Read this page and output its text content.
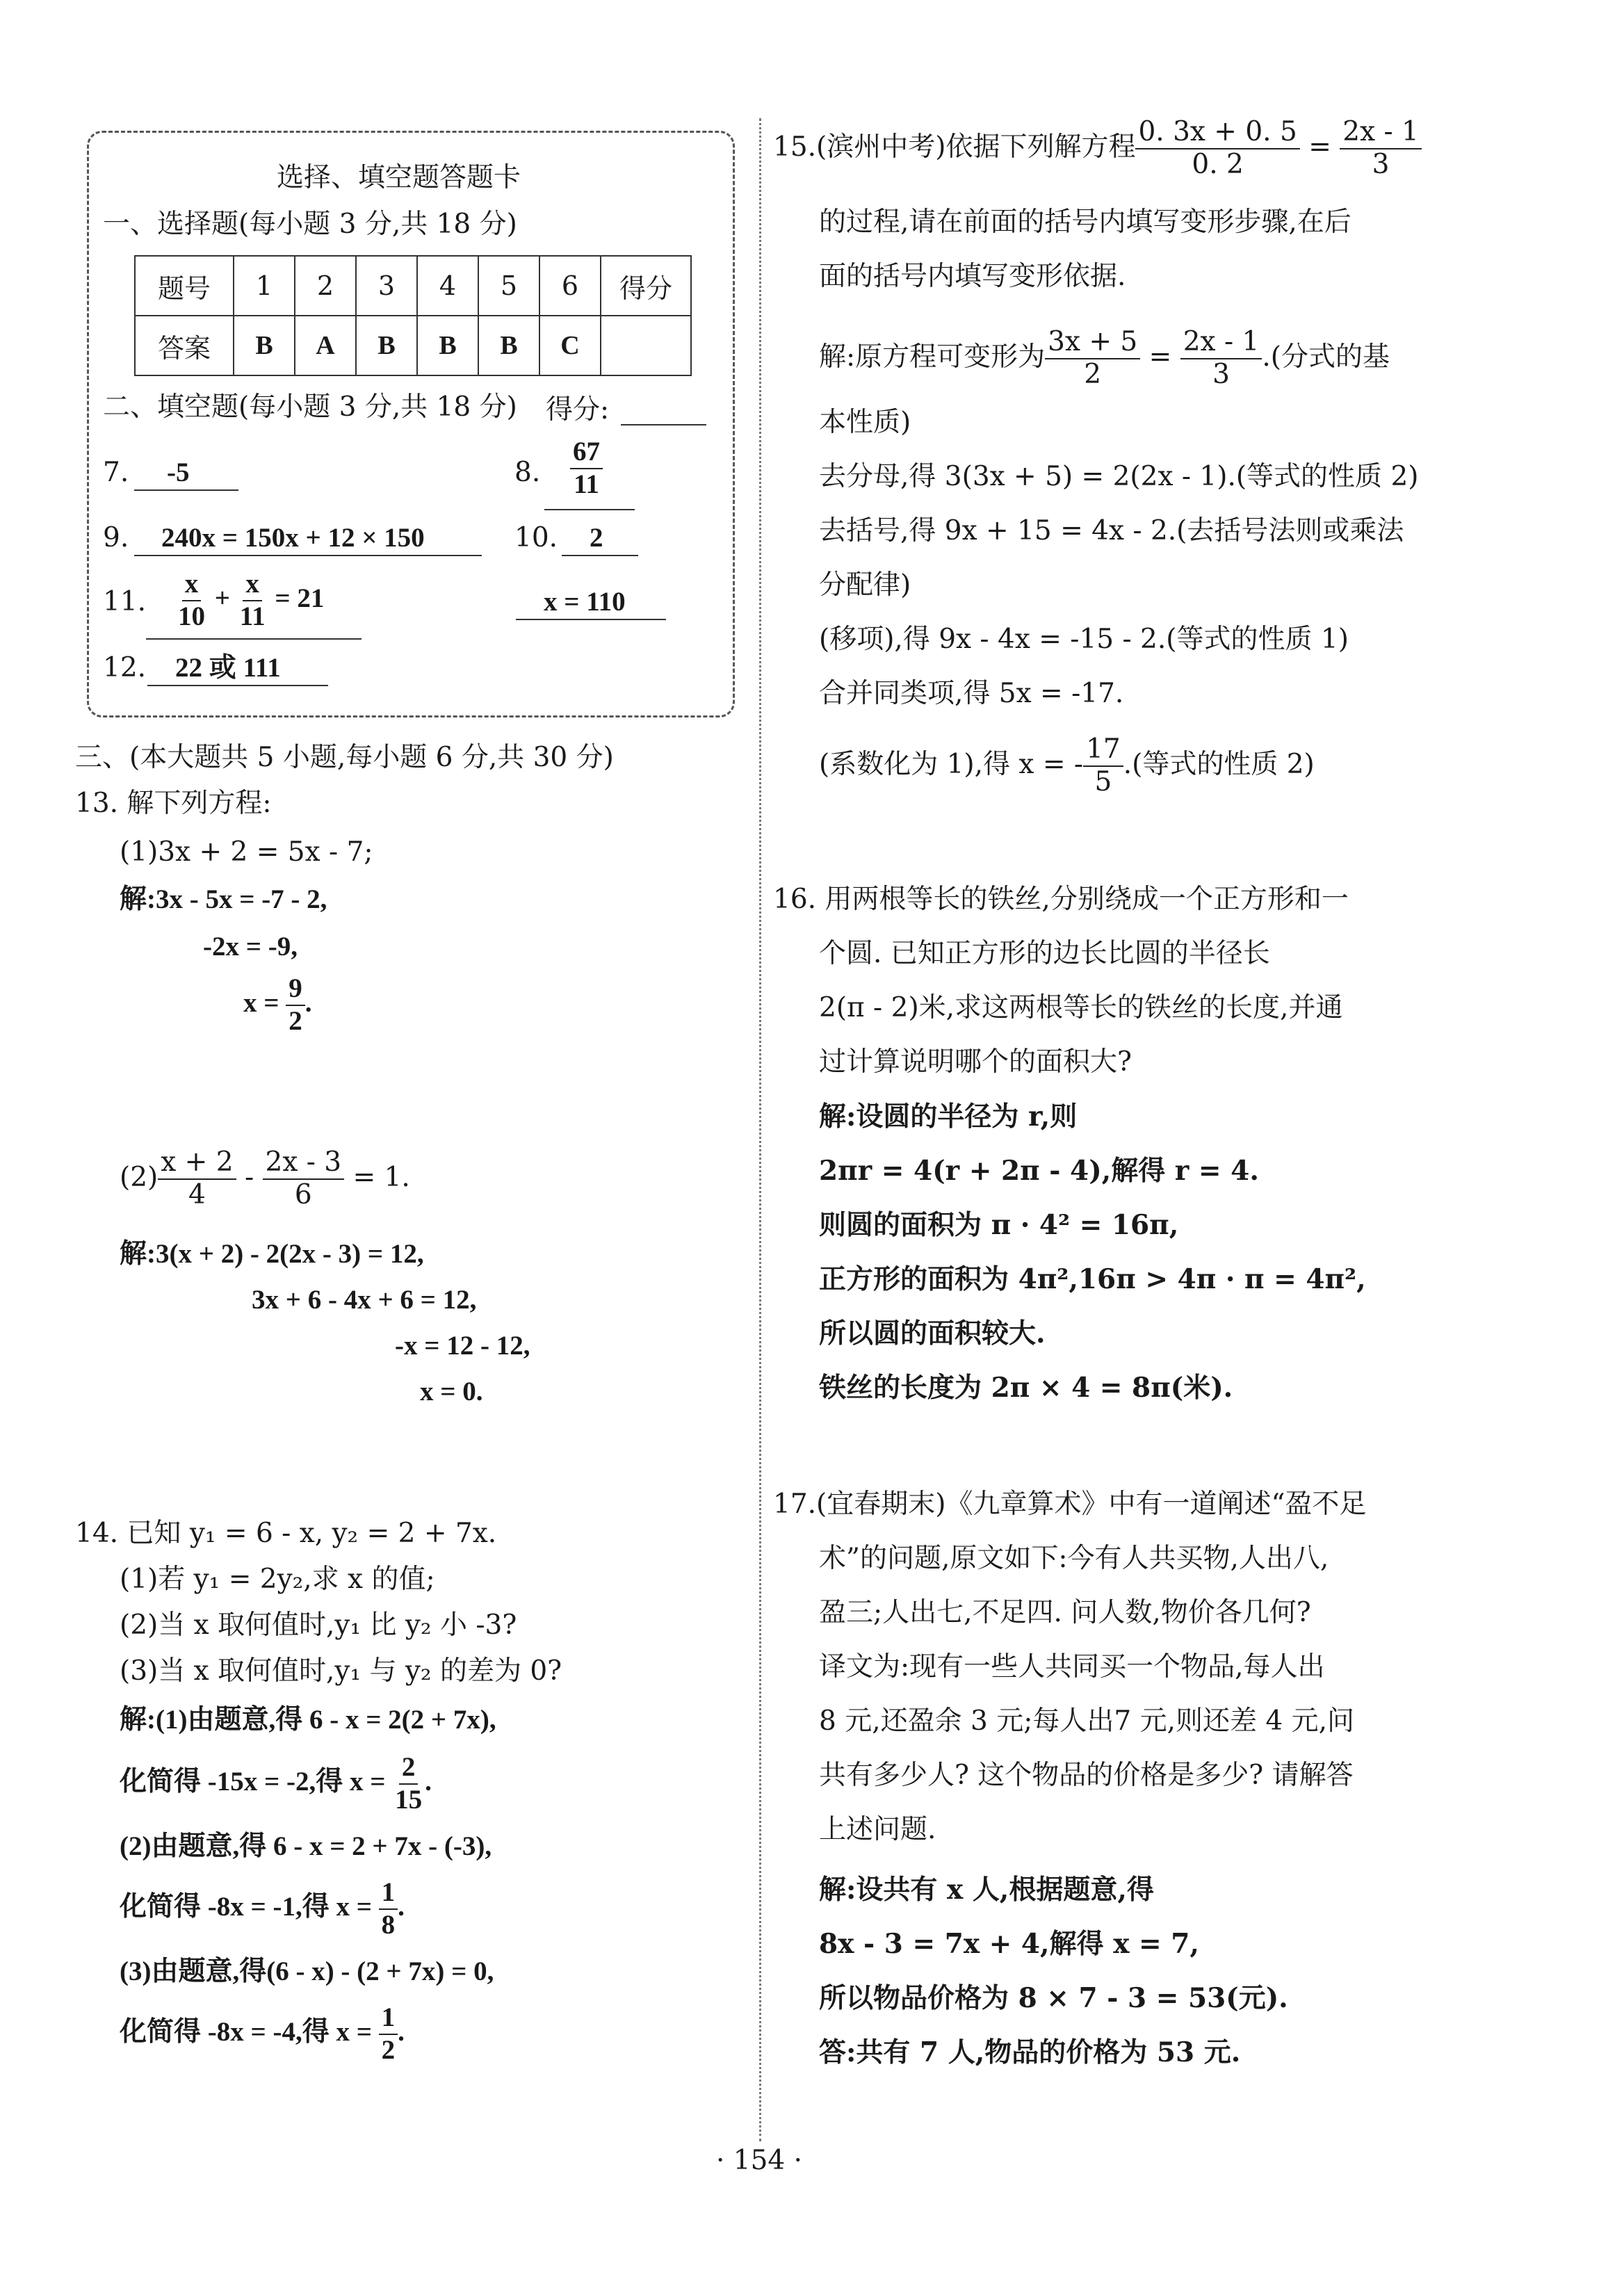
选择、填空题答题卡
一、选择题(每小题 3 分,共 18 分)
题号	1	2	3	4	5	6	得分
答案	B	A	B	B	B	C	
二、填空题(每小题 3 分,共 18 分) 得分:
7. -5	8. $\frac{67}{11}$
9. 240x = 150x + 12 × 150	10. 2
11. $\frac{x}{10} + \frac{x}{11} = 21$	x = 110
12. 22 或 111
三、(本大题共 5 小题,每小题 6 分,共 30 分)
13. 解下列方程:
(1)3x + 2 = 5x - 7;
解:3x - 5x = -7 - 2,
-2x = -9,
$x = \frac{9}{2}$ .
$(2) \frac{x + 2}{4} - \frac{2x - 3}{6} = 1$.
解:3(x + 2) - 2(2x - 3) = 12,
3x + 6 - 4x + 6 = 12,
-x = 12 - 12,
x = 0.
14. 已知 y₁ = 6 - x, y₂ = 2 + 7x.
(1)若 y₁ = 2y₂,求 x 的值;
(2)当 x 取何值时,y₁ 比 y₂ 小 -3?
(3)当 x 取何值时,y₁ 与 y₂ 的差为 0?
解:(1)由题意,得 6 - x = 2(2 + 7x),
化简得 -15x = -2,得 $x = \frac{2}{15}$ .
(2)由题意,得 6 - x = 2 + 7x - (-3),
化简得 -8x = -1,得 $x = \frac{1}{8}$ .
(3)由题意,得(6 - x) - (2 + 7x) = 0,
化简得 -8x = -4,得 $x = \frac{1}{2}$ .
15.(滨州中考)依据下列解方程 $\frac{0. 3x + 0. 5}{0. 2} = \frac{2x - 1}{3}$
的过程,请在前面的括号内填写变形步骤,在后
面的括号内填写变形依据.
解:原方程可变形为 $\frac{3x + 5}{2} = \frac{2x - 1}{3}$ .(分式的基
本性质)
去分母,得 3(3x + 5) = 2(2x - 1).(等式的性质 2)
去括号,得 9x + 15 = 4x - 2.(去括号法则或乘法
分配律)
(移项),得 9x - 4x = -15 - 2.(等式的性质 1)
合并同类项,得 5x = -17.
(系数化为 1),得 x = - $\frac{17}{5}$ .(等式的性质 2)
16. 用两根等长的铁丝,分别绕成一个正方形和一
个圆. 已知正方形的边长比圆的半径长
2(π - 2)米,求这两根等长的铁丝的长度,并通
过计算说明哪个的面积大?
解:设圆的半径为 r,则
2πr = 4(r + 2π - 4),解得 r = 4.
则圆的面积为 π · 4² = 16π,
正方形的面积为 4π²,16π > 4π · π = 4π²,
所以圆的面积较大.
铁丝的长度为 2π × 4 = 8π(米).
17.(宜春期末)《九章算术》中有一道阐述“盈不足
术”的问题,原文如下:今有人共买物,人出八,
盈三;人出七,不足四. 问人数,物价各几何?
译文为:现有一些人共同买一个物品,每人出
8 元,还盈余 3 元;每人出7 元,则还差 4 元,问
共有多少人? 这个物品的价格是多少? 请解答
上述问题.
解:设共有 x 人,根据题意,得
8x - 3 = 7x + 4,解得 x = 7,
所以物品价格为 8 × 7 - 3 = 53(元).
答:共有 7 人,物品的价格为 53 元.
· 154 ·
